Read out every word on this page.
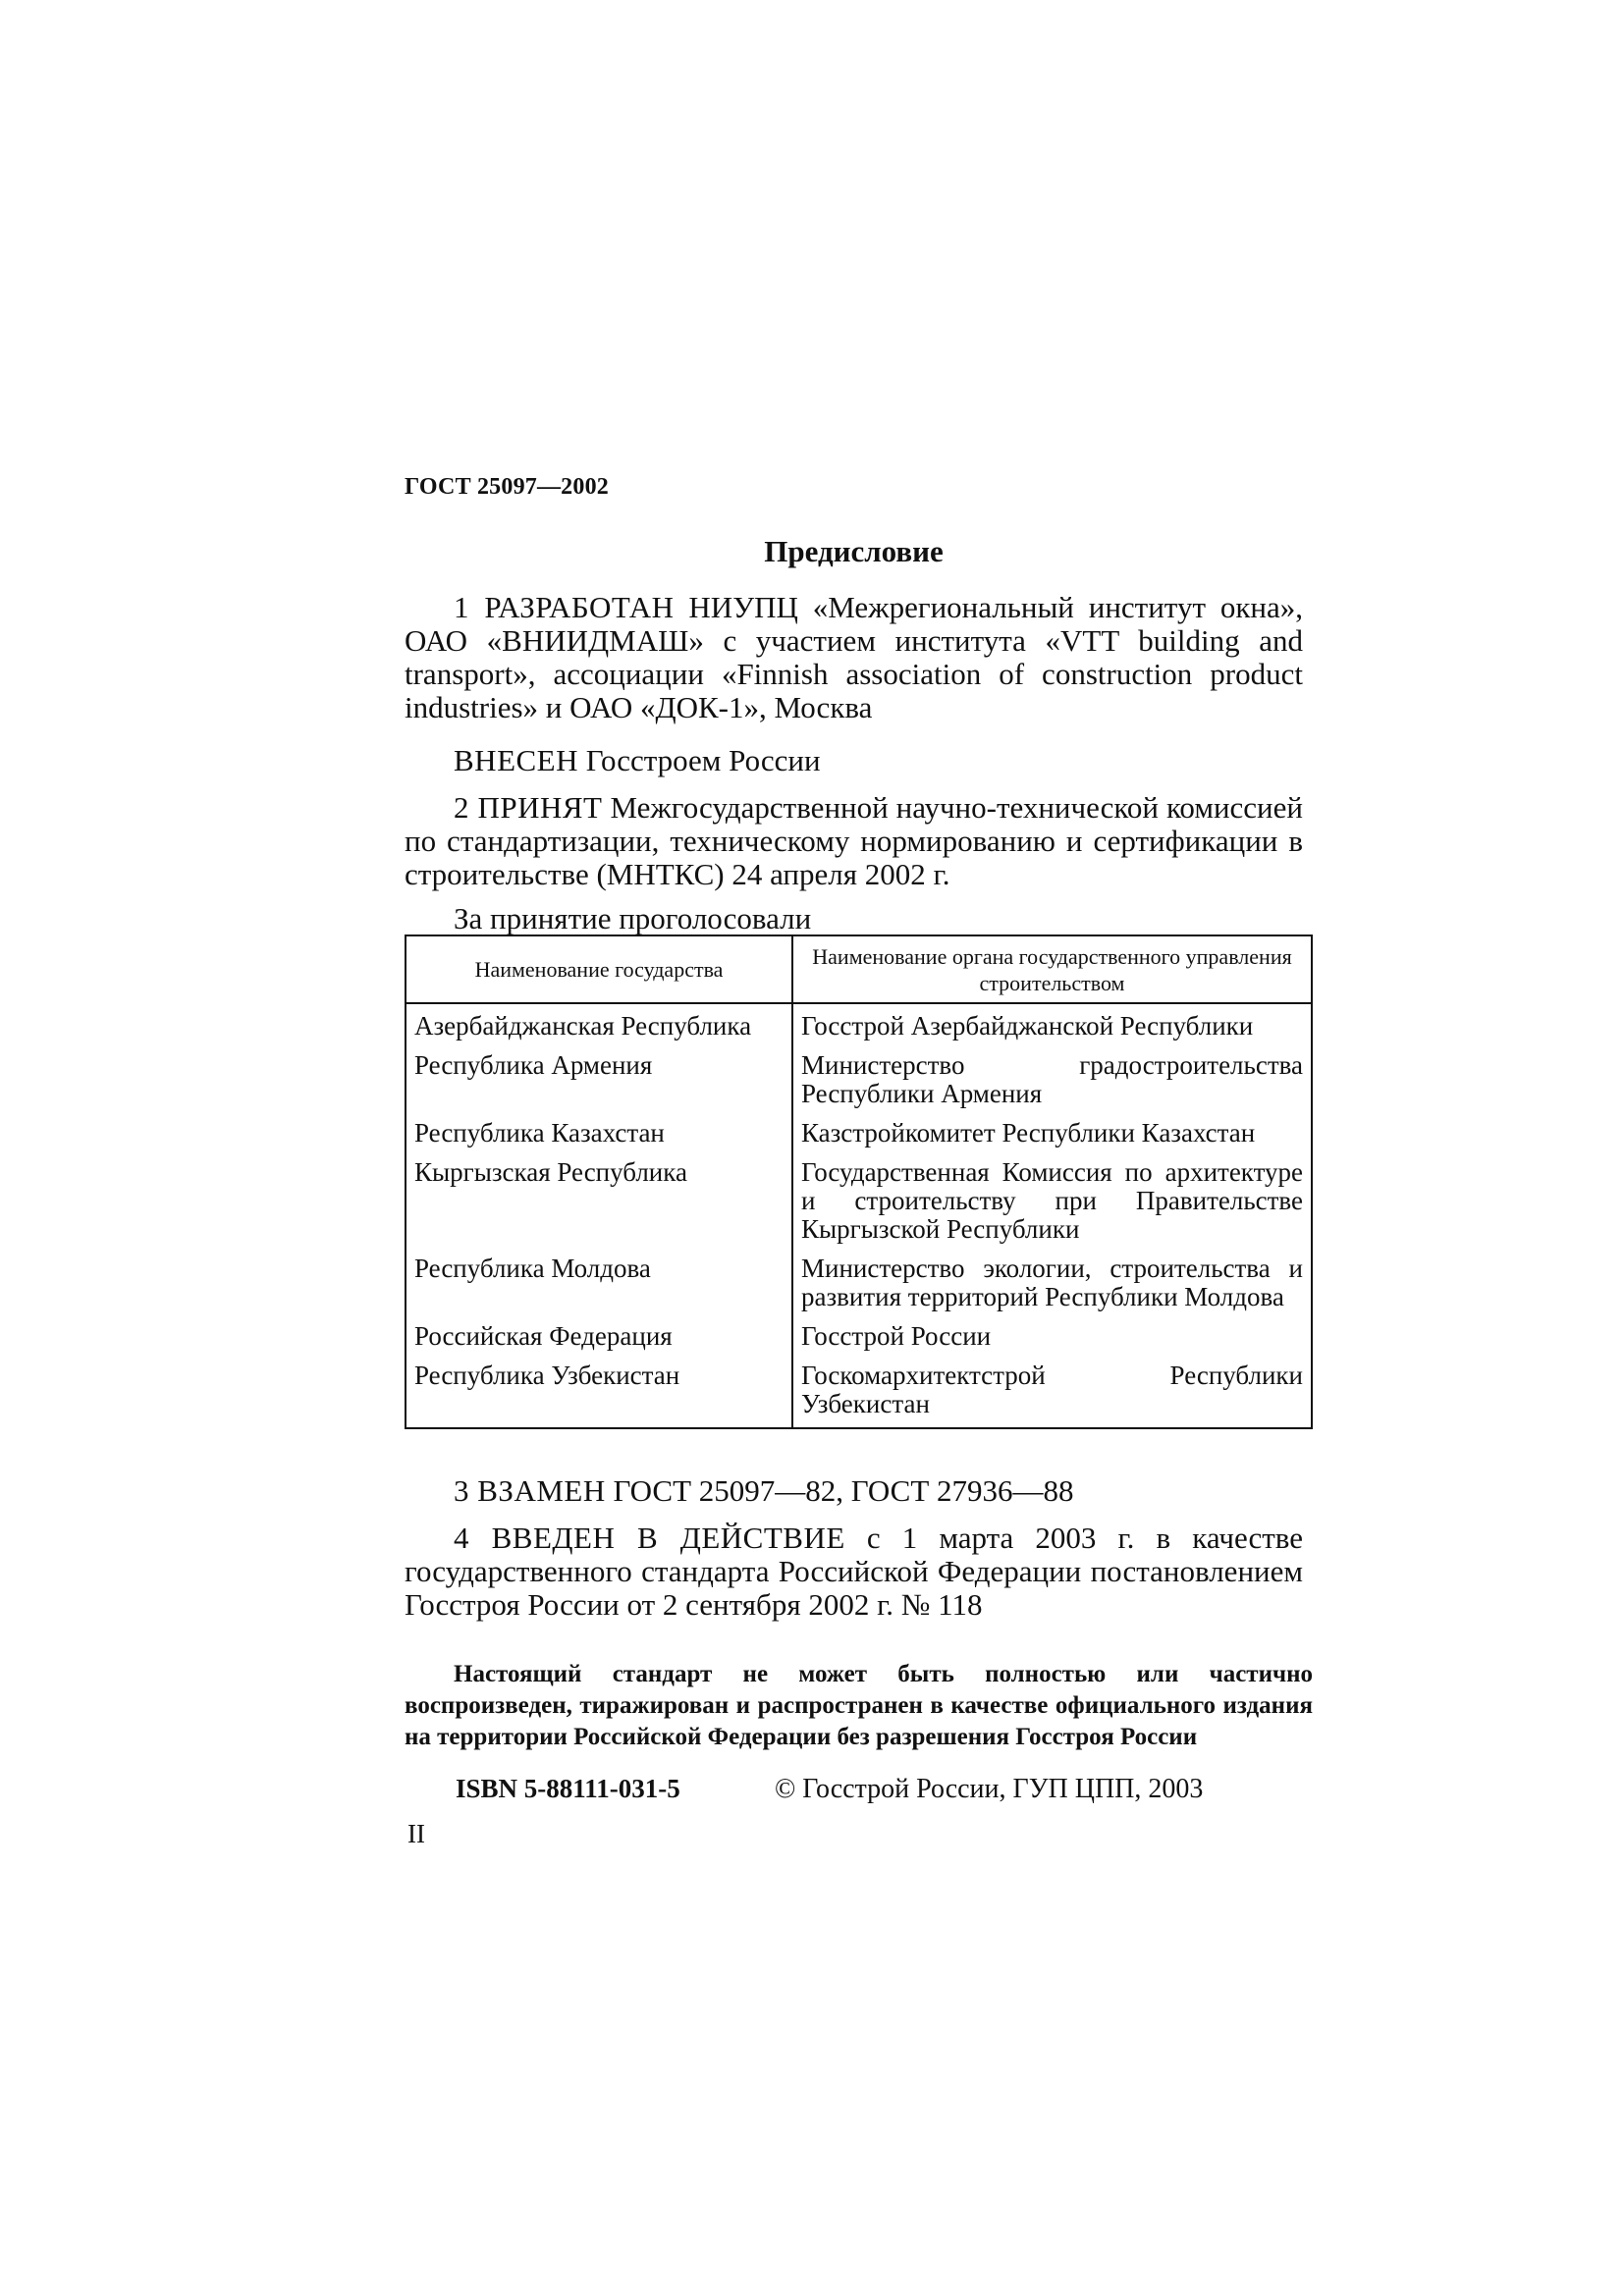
ГОСТ 25097—2002
Предисловие

1 РАЗРАБОТАН НИУПЦ «Межрегиональный институт окна», ОАО «ВНИИДМАШ» с участием института «VTT building and transport», ассоциации «Finnish association of construction product industries» и ОАО «ДОК-1», Москва

ВНЕСЕН Госстроем России

2 ПРИНЯТ Межгосударственной научно-технической комиссией по стандартизации, техническому нормированию и сертификации в строительстве (МНТКС) 24 апреля 2002 г.

За принятие проголосовали

Наименование государства	Наименование органа государственного управления строительством
Азербайджанская Республика	Госстрой Азербайджанской Республики
Республика Армения	Министерство градостроительства Республики Армения
Республика Казахстан	Казстройкомитет Республики Казахстан
Кыргызская Республика	Государственная Комиссия по архитектуре и строительству при Правительстве Кыргызской Республики
Республика Молдова	Министерство экологии, строительства и развития территорий Республики Молдова
Российская Федерация	Госстрой России
Республика Узбекистан	Госкомархитектстрой Республики Узбекистан

3 ВЗАМЕН ГОСТ 25097—82, ГОСТ 27936—88

4 ВВЕДЕН В ДЕЙСТВИЕ с 1 марта 2003 г. в качестве государственного стандарта Российской Федерации постановлением Госстроя России от 2 сентября 2002 г. № 118

Настоящий стандарт не может быть полностью или частично воспроизведен, тиражирован и распространен в качестве официального издания на территории Российской Федерации без разрешения Госстроя России

ISBN 5-88111-031-5	© Госстрой России, ГУП ЦПП, 2003
II
